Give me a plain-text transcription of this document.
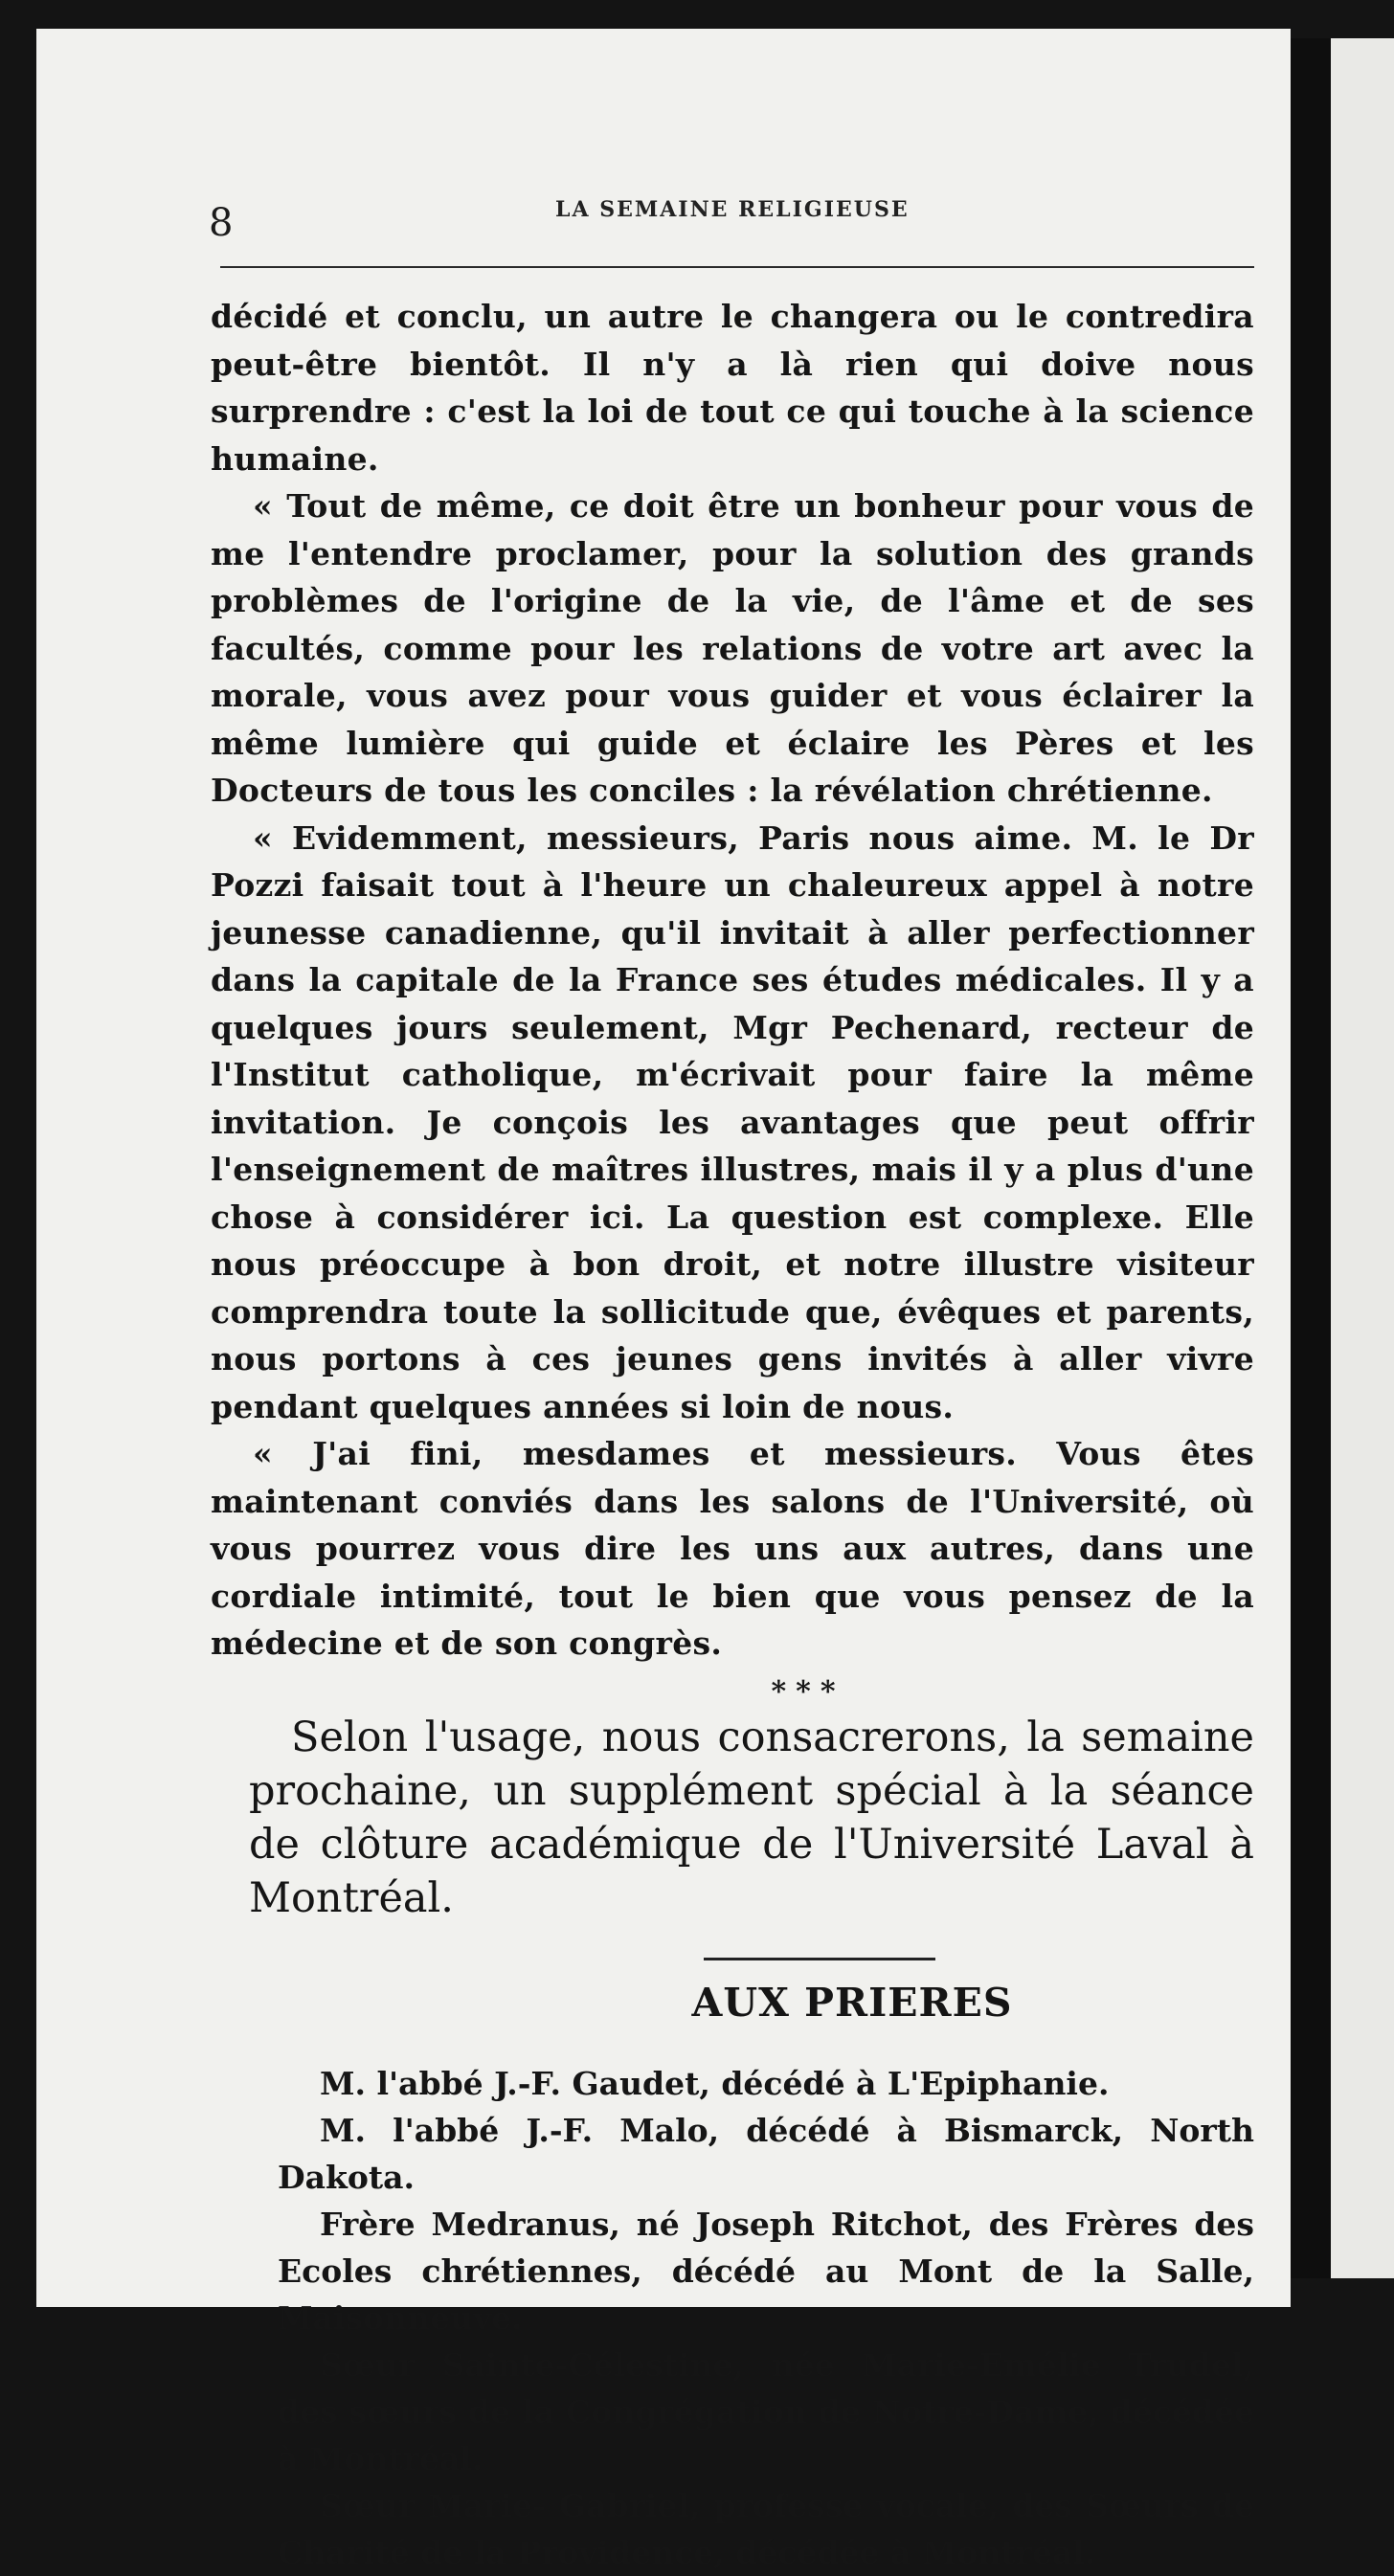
8	LA SEMAINE RELIGIEUSE

décidé et conclu, un autre le changera ou le contredira peut-être bientôt. Il n'y a là rien qui doive nous surprendre : c'est la loi de tout ce qui touche à la science humaine.

« Tout de même, ce doit être un bonheur pour vous de me l'entendre proclamer, pour la solution des grands problèmes de l'origine de la vie, de l'âme et de ses facultés, comme pour les relations de votre art avec la morale, vous avez pour vous guider et vous éclairer la même lumière qui guide et éclaire les Pères et les Docteurs de tous les conciles : la révélation chrétienne.

« Evidemment, messieurs, Paris nous aime. M. le Dr Pozzi faisait tout à l'heure un chaleureux appel à notre jeunesse canadienne, qu'il invitait à aller perfectionner dans la capitale de la France ses études médicales. Il y a quelques jours seulement, Mgr Pechenard, recteur de l'Institut catholique, m'écrivait pour faire la même invitation. Je conçois les avantages que peut offrir l'enseignement de maîtres illustres, mais il y a plus d'une chose à considérer ici. La question est complexe. Elle nous préoccupe à bon droit, et notre illustre visiteur comprendra toute la sollicitude que, évêques et parents, nous portons à ces jeunes gens invités à aller vivre pendant quelques années si loin de nous.

« J'ai fini, mesdames et messieurs. Vous êtes maintenant conviés dans les salons de l'Université, où vous pourrez vous dire les uns aux autres, dans une cordiale intimité, tout le bien que vous pensez de la médecine et de son congrès.

* * *

Selon l'usage, nous consacrerons, la semaine prochaine, un supplément spécial à la séance de clôture académique de l'Université Laval à Montréal.

AUX PRIERES

M. l'abbé J.-F. Gaudet, décédé à L'Epiphanie.

M. l'abbé J.-F. Malo, décédé à Bismarck, North Dakota.

Frère Medranus, né Joseph Ritchot, des Frères des Ecoles chrétiennes, décédé au Mont de la Salle, Maisonneuve.

Sœur Sainte-Célestine, née Marie-Emélie Trudel, des sœurs de la Congrégation de Notre-Dame, décédée à Montréal.

Sœur Marie- Gabriel, professe vocale, des Sœurs de Charité de la Providence, décédée à Montréal.
